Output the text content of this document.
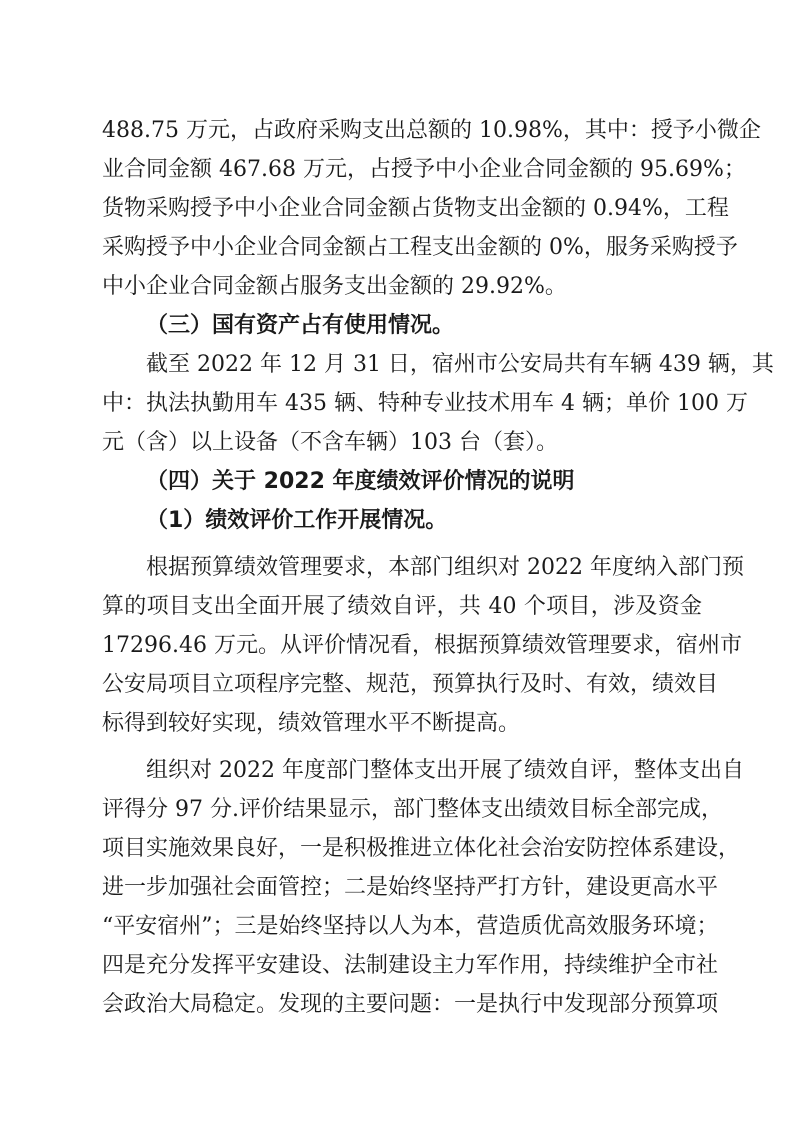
488.75 万元，占政府采购支出总额的 10.98%，其中：授予小微企
业合同金额 467.68 万元，占授予中小企业合同金额的 95.69%；
货物采购授予中小企业合同金额占货物支出金额的 0.94%，工程
采购授予中小企业合同金额占工程支出金额的 0%，服务采购授予
中小企业合同金额占服务支出金额的 29.92%。
（三）国有资产占有使用情况。
截至 2022 年 12 月 31 日，宿州市公安局共有车辆 439 辆，其
中：执法执勤用车 435 辆、特种专业技术用车 4 辆；单价 100 万
元（含）以上设备（不含车辆）103 台（套）。
（四）关于 2022 年度绩效评价情况的说明
（1）绩效评价工作开展情况。
根据预算绩效管理要求，本部门组织对 2022 年度纳入部门预
算的项目支出全面开展了绩效自评，共 40 个项目，涉及资金
17296.46 万元。从评价情况看，根据预算绩效管理要求，宿州市
公安局项目立项程序完整、规范，预算执行及时、有效，绩效目
标得到较好实现，绩效管理水平不断提高。
组织对 2022 年度部门整体支出开展了绩效自评，整体支出自
评得分 97 分.评价结果显示，部门整体支出绩效目标全部完成，
项目实施效果良好，一是积极推进立体化社会治安防控体系建设，
进一步加强社会面管控；二是始终坚持严打方针，建设更高水平
“平安宿州”；三是始终坚持以人为本，营造质优高效服务环境；
四是充分发挥平安建设、法制建设主力军作用，持续维护全市社
会政治大局稳定。发现的主要问题：一是执行中发现部分预算项
